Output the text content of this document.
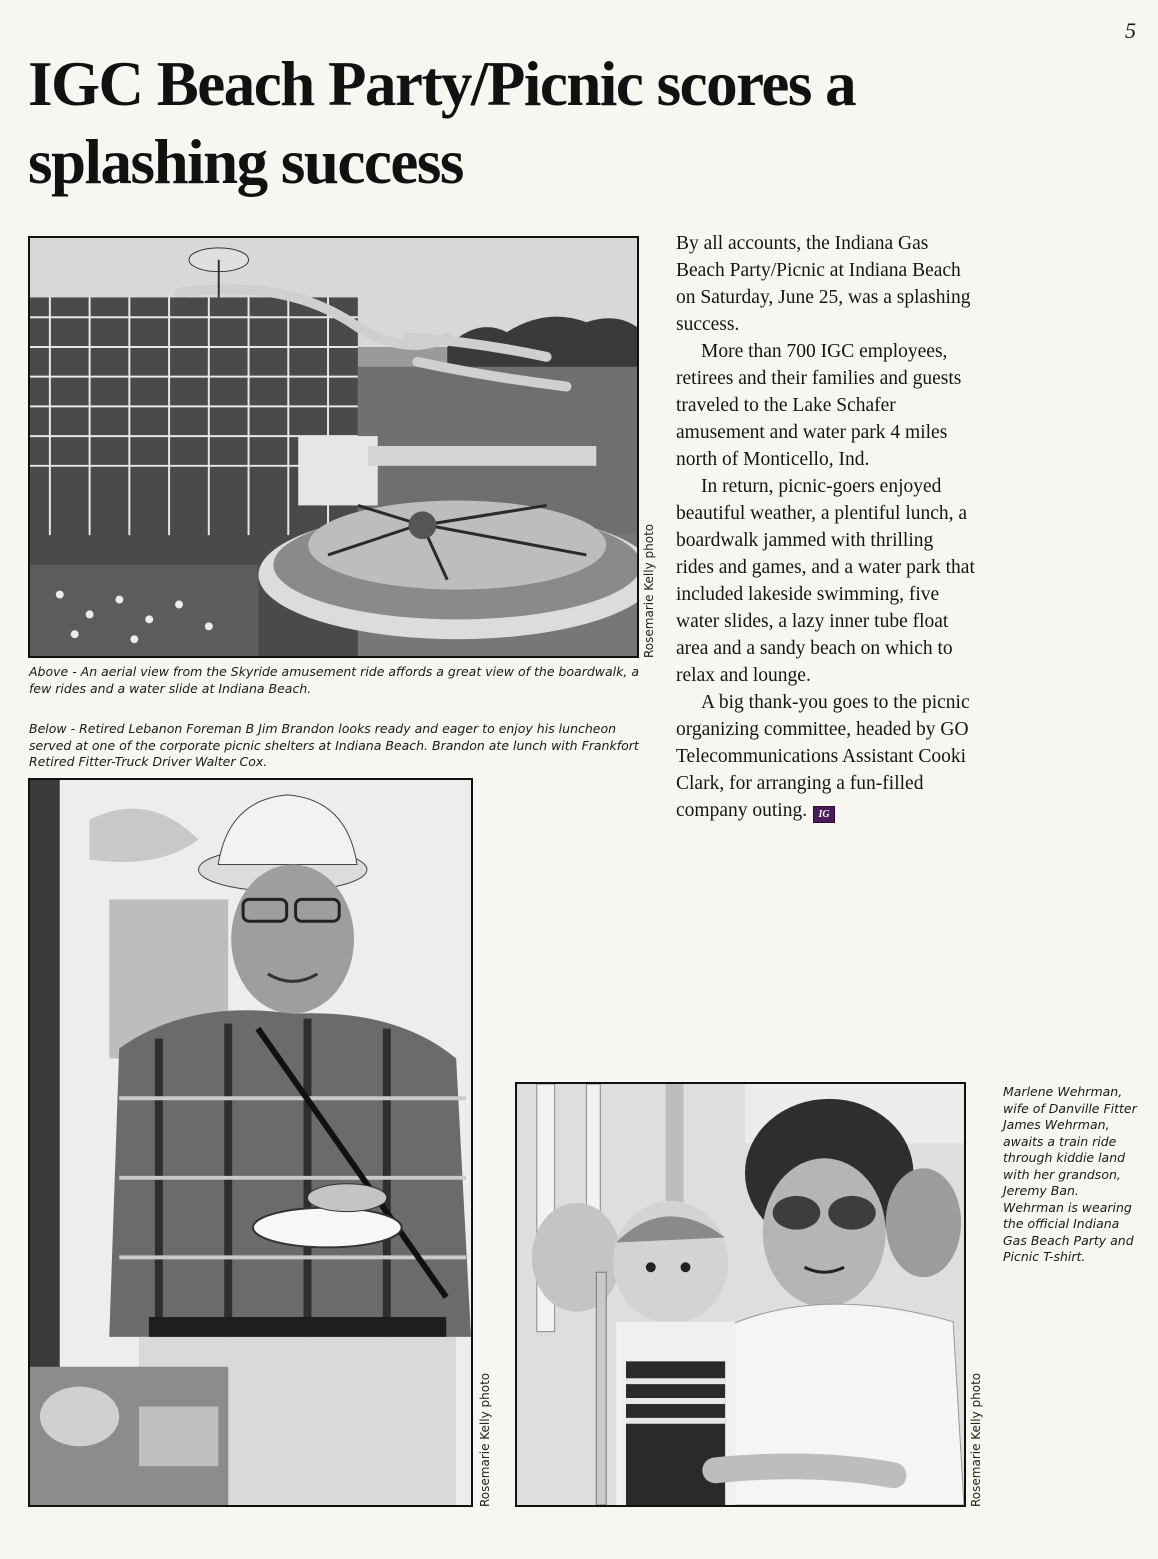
5
IGC Beach Party/Picnic scores a splashing success
Rosemarie Kelly photo

Above - An aerial view from the Skyride amusement ride affords a great view of the boardwalk, a few rides and a water slide at Indiana Beach.

Below - Retired Lebanon Foreman B Jim Brandon looks ready and eager to enjoy his luncheon served at one of the corporate picnic shelters at Indiana Beach. Brandon ate lunch with Frankfort Retired Fitter-Truck Driver Walter Cox.

Rosemarie Kelly photo

By all accounts, the Indiana Gas Beach Party/Picnic at Indiana Beach on Saturday, June 25, was a splashing success.

More than 700 IGC employees, retirees and their families and guests traveled to the Lake Schafer amusement and water park 4 miles north of Monticello, Ind.

In return, picnic-goers enjoyed beautiful weather, a plentiful lunch, a boardwalk jammed with thrilling rides and games, and a water park that included lakeside swimming, five water slides, a lazy inner tube float area and a sandy beach on which to relax and lounge.

A big thank-you goes to the picnic organizing committee, headed by GO Telecommunications Assistant Cooki Clark, for arranging a fun-filled company outing. IG

Rosemarie Kelly photo

Marlene Wehrman, wife of Danville Fitter James Wehrman, awaits a train ride through kiddie land with her grandson, Jeremy Ban. Wehrman is wearing the official Indiana Gas Beach Party and Picnic T-shirt.
